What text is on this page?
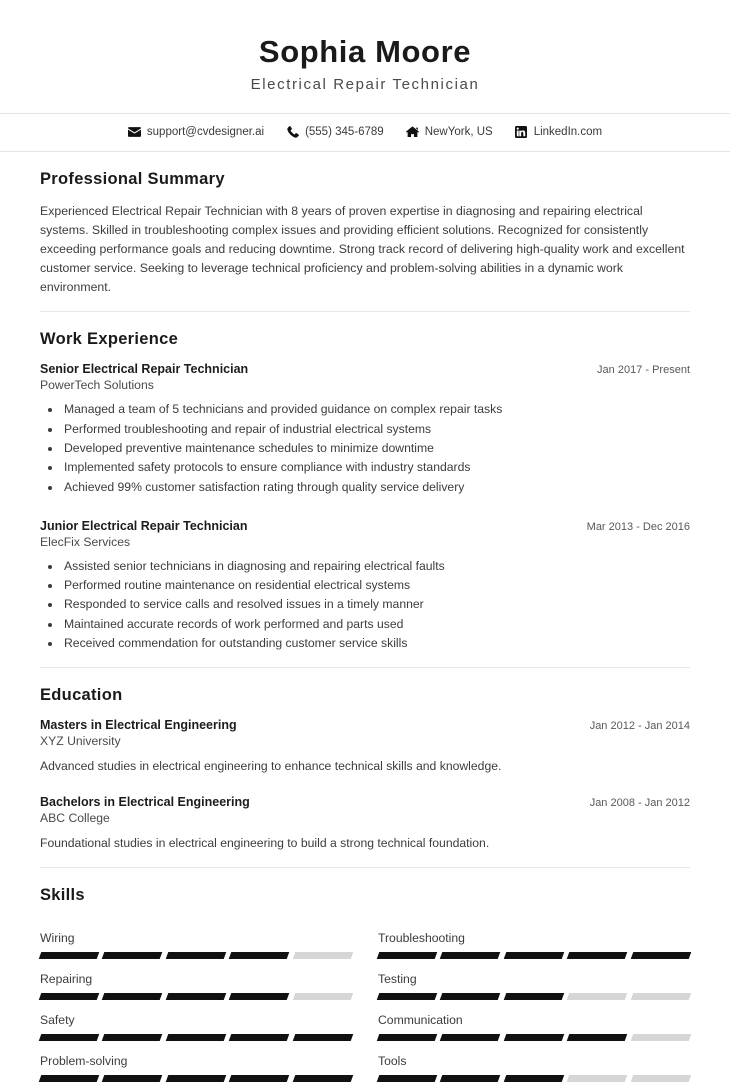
Sophia Moore
Electrical Repair Technician
support@cvdesigner.ai	(555) 345-6789	NewYork, US	LinkedIn.com
Professional Summary
Experienced Electrical Repair Technician with 8 years of proven expertise in diagnosing and repairing electrical systems. Skilled in troubleshooting complex issues and providing efficient solutions. Recognized for consistently exceeding performance goals and reducing downtime. Strong track record of delivering high-quality work and excellent customer service. Seeking to leverage technical proficiency and problem-solving abilities in a dynamic work environment.
Work Experience
Senior Electrical Repair Technician	Jan 2017 - Present
PowerTech Solutions
• Managed a team of 5 technicians and provided guidance on complex repair tasks
• Performed troubleshooting and repair of industrial electrical systems
• Developed preventive maintenance schedules to minimize downtime
• Implemented safety protocols to ensure compliance with industry standards
• Achieved 99% customer satisfaction rating through quality service delivery
Junior Electrical Repair Technician	Mar 2013 - Dec 2016
ElecFix Services
• Assisted senior technicians in diagnosing and repairing electrical faults
• Performed routine maintenance on residential electrical systems
• Responded to service calls and resolved issues in a timely manner
• Maintained accurate records of work performed and parts used
• Received commendation for outstanding customer service skills
Education
Masters in Electrical Engineering	Jan 2012 - Jan 2014
XYZ University
Advanced studies in electrical engineering to enhance technical skills and knowledge.
Bachelors in Electrical Engineering	Jan 2008 - Jan 2012
ABC College
Foundational studies in electrical engineering to build a strong technical foundation.
Skills
Wiring	Troubleshooting
Repairing	Testing
Safety	Communication
Problem-solving	Tools
